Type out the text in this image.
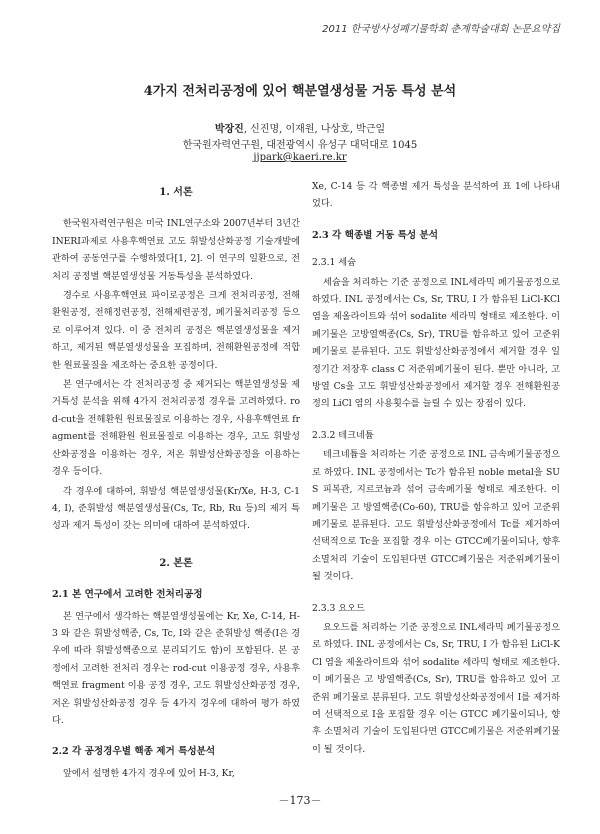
2011 한국방사성폐기물학회 춘계학술대회 논문요약집
4가지 전처리공정에 있어 핵분열생성물 거동 특성 분석
박장진, 신진명, 이재원, 나상호, 박근일
한국원자력연구원, 대전광역시 유성구 대덕대로 1045
jjpark@kaeri.re.kr
1. 서론

한국원자력연구원은 미국 INL연구소와 2007년부터 3년간 INERI과제로 사용후핵연료 고도 휘발성산화공정 기술개발에 관하여 공동연구를 수행하였다[1, 2]. 이 연구의 일환으로, 전처리 공정별 핵분열생성물 거동특성을 분석하였다.

경수로 사용후핵연료 파이로공정은 크게 전처리공정, 전해환원공정, 전해정련공정, 전해제련공정, 폐기물처리공정 등으로 이루어져 있다. 이 중 전처리 공정은 핵분열생성물을 제거하고, 제거된 핵분열생성물을 포집하며, 전해환원공정에 적합한 원료물질을 제조하는 중요한 공정이다.

본 연구에서는 각 전처리공정 중 제거되는 핵분열생성물 제거특성 분석을 위해 4가지 전처리공정 경우를 고려하였다. rod-cut을 전해환원 원료물질로 이용하는 경우, 사용후핵연료 fragment를 전해환원 원료물질로 이용하는 경우, 고도 휘발성산화공정을 이용하는 경우, 저온 휘발성산화공정을 이용하는 경우 등이다.

각 경우에 대하여, 휘발성 핵분열생성물(Kr/Xe, H-3, C-14, I), 준휘발성 핵분열생성물(Cs, Tc, Rb, Ru 등)의 제거 특성과 제거 특성이 갖는 의미에 대하여 분석하였다.

2. 본론
2.1 본 연구에서 고려한 전처리공정

본 연구에서 생각하는 핵분열생성물에는 Kr, Xe, C-14, H-3 와 같은 휘발성핵종, Cs, Tc, I와 같은 준휘발성 핵종(I은 경우에 따라 휘발성핵종으로 분리되기도 함)이 포함된다. 본 공정에서 고려한 전처리 경우는 rod-cut 이용공정 경우, 사용후핵연료 fragment 이용 공정 경우, 고도 휘발성산화공정 경우, 저온 휘발성산화공정 경우 등 4가지 경우에 대하여 평가 하였다.

2.2 각 공정경우별 핵종 제거 특성분석

앞에서 설명한 4가지 경우에 있어 H-3, Kr,

Xe, C-14 등 각 핵종별 제거 특성을 분석하여 표 1에 나타내었다.

2.3 각 핵종별 거동 특성 분석
2.3.1 세슘

세슘을 처리하는 기준 공정으로 INL세라믹 폐기물공정으로 하였다. INL 공정에서는 Cs, Sr, TRU, I 가 함유된 LiCl-KCl 염을 제올라이트와 섞어 sodalite 세라믹 형태로 제조한다. 이 폐기물은 고방열핵종(Cs, Sr), TRU를 함유하고 있어 고준위폐기물로 분류된다. 고도 휘발성산화공정에서 제거할 경우 일정기간 저장후 class C 저준위폐기물이 된다. 뿐만 아니라, 고방열 Cs을 고도 휘발성산화공정에서 제거할 경우 전해환원공정의 LiCl 염의 사용횟수를 늘릴 수 있는 장점이 있다.

2.3.2 테크네튬

테크네튬을 처리하는 기준 공정으로 INL 금속폐기물공정으로 하였다. INL 공정에서는 Tc가 함유된 noble metal을 SUS 피복관, 지르코늄과 섞어 금속폐기물 형태로 제조한다. 이 폐기물은 고 방열핵종(Co-60), TRU를 함유하고 있어 고준위 폐기물로 분류된다. 고도 휘발성산화공정에서 Tc를 제거하여 선택적으로 Tc을 포집할 경우 이는 GTCC폐기물이되나, 향후 소멸처리 기술이 도입된다면 GTCC폐기물은 저준위폐기물이 될 것이다.

2.3.3 요오드

요오드를 처리하는 기준 공정으로 INL세라믹 폐기물공정으로 하였다. INL 공정에서는 Cs, Sr, TRU, I 가 함유된 LiCl-KCl 염을 제올라이트와 섞어 sodalite 세라믹 형태로 제조한다. 이 폐기물은 고 방열핵종(Cs, Sr), TRU를 함유하고 있어 고준위 폐기물로 분류된다. 고도 휘발성산화공정에서 I를 제거하여 선택적으로 I을 포집할 경우 이는 GTCC 폐기물이되나, 향후 소멸처리 기술이 도입된다면 GTCC폐기물은 저준위폐기물이 될 것이다.

－173－
